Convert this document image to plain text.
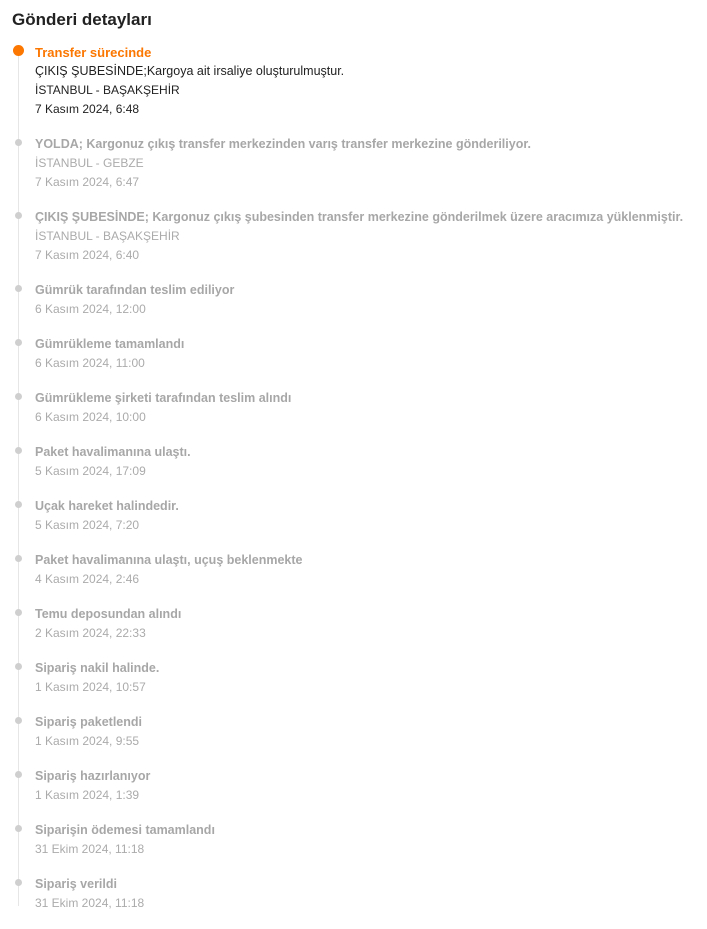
Gönderi detayları
Transfer sürecinde
ÇIKIŞ ŞUBESİNDE;Kargoya ait irsaliye oluşturulmuştur.
İSTANBUL - BAŞAKŞEHİR
7 Kasım 2024, 6:48
YOLDA; Kargonuz çıkış transfer merkezinden varış transfer merkezine gönderiliyor.
İSTANBUL - GEBZE
7 Kasım 2024, 6:47
ÇIKIŞ ŞUBESİNDE; Kargonuz çıkış şubesinden transfer merkezine gönderilmek üzere aracımıza yüklenmiştir.
İSTANBUL - BAŞAKŞEHİR
7 Kasım 2024, 6:40
Gümrük tarafından teslim ediliyor
6 Kasım 2024, 12:00
Gümrükleme tamamlandı
6 Kasım 2024, 11:00
Gümrükleme şirketi tarafından teslim alındı
6 Kasım 2024, 10:00
Paket havalimanına ulaştı.
5 Kasım 2024, 17:09
Uçak hareket halindedir.
5 Kasım 2024, 7:20
Paket havalimanına ulaştı, uçuş beklenmekte
4 Kasım 2024, 2:46
Temu deposundan alındı
2 Kasım 2024, 22:33
Sipariş nakil halinde.
1 Kasım 2024, 10:57
Sipariş paketlendi
1 Kasım 2024, 9:55
Sipariş hazırlanıyor
1 Kasım 2024, 1:39
Siparişin ödemesi tamamlandı
31 Ekim 2024, 11:18
Sipariş verildi
31 Ekim 2024, 11:18
